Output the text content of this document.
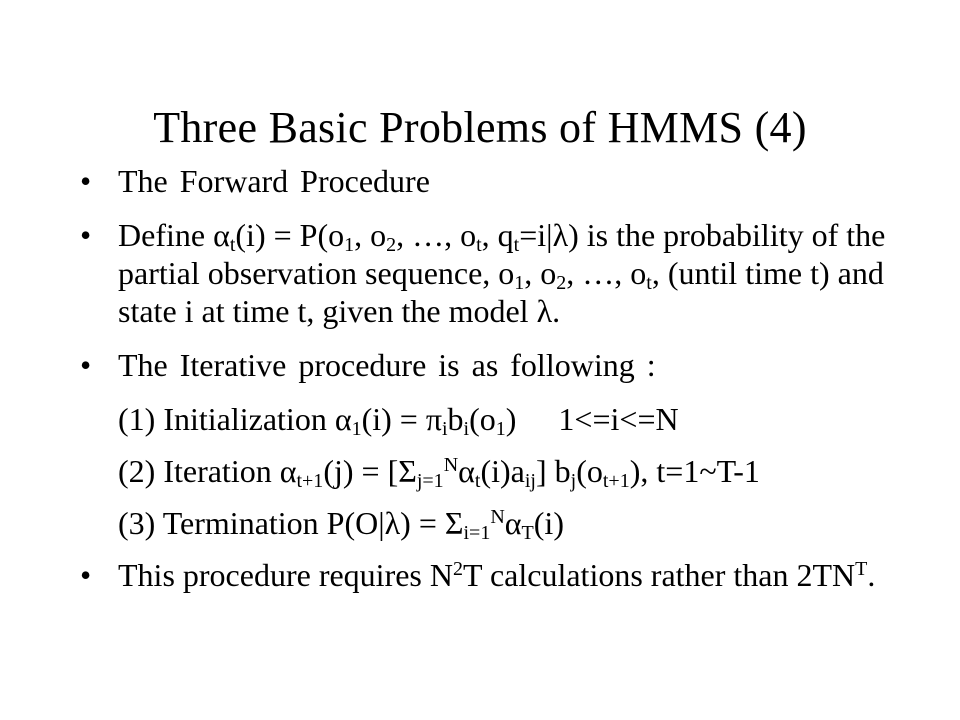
Three Basic Problems of HMMS (4)
• The Forward Procedure
• Define $\alpha_t(i) = P(o_1$, $o_2$, …, $o_t$, $q_t=i|\lambda$) is the probability of the partial observation sequence, $o_1$, $o_2$, …, $o_t$, (until time t) and state i at time t, given the model λ.
• The Iterative procedure is as following :
(1) Initialization $\alpha_1(i) = \pi_ib_i(o_1)$ 1<=i<=N
(2) Iteration $\alpha_{t+1}(j) = [\Sigma_{j=1}^N\alpha_t(i)a_{ij}]$ $b_j(o_{t+1})$, t=1~T-1
(3) Termination $P(O|\lambda) = \Sigma_{i=1}^N\alpha_T(i)$
• This procedure requires $N^2T$ calculations rather than $2TN^T$.
